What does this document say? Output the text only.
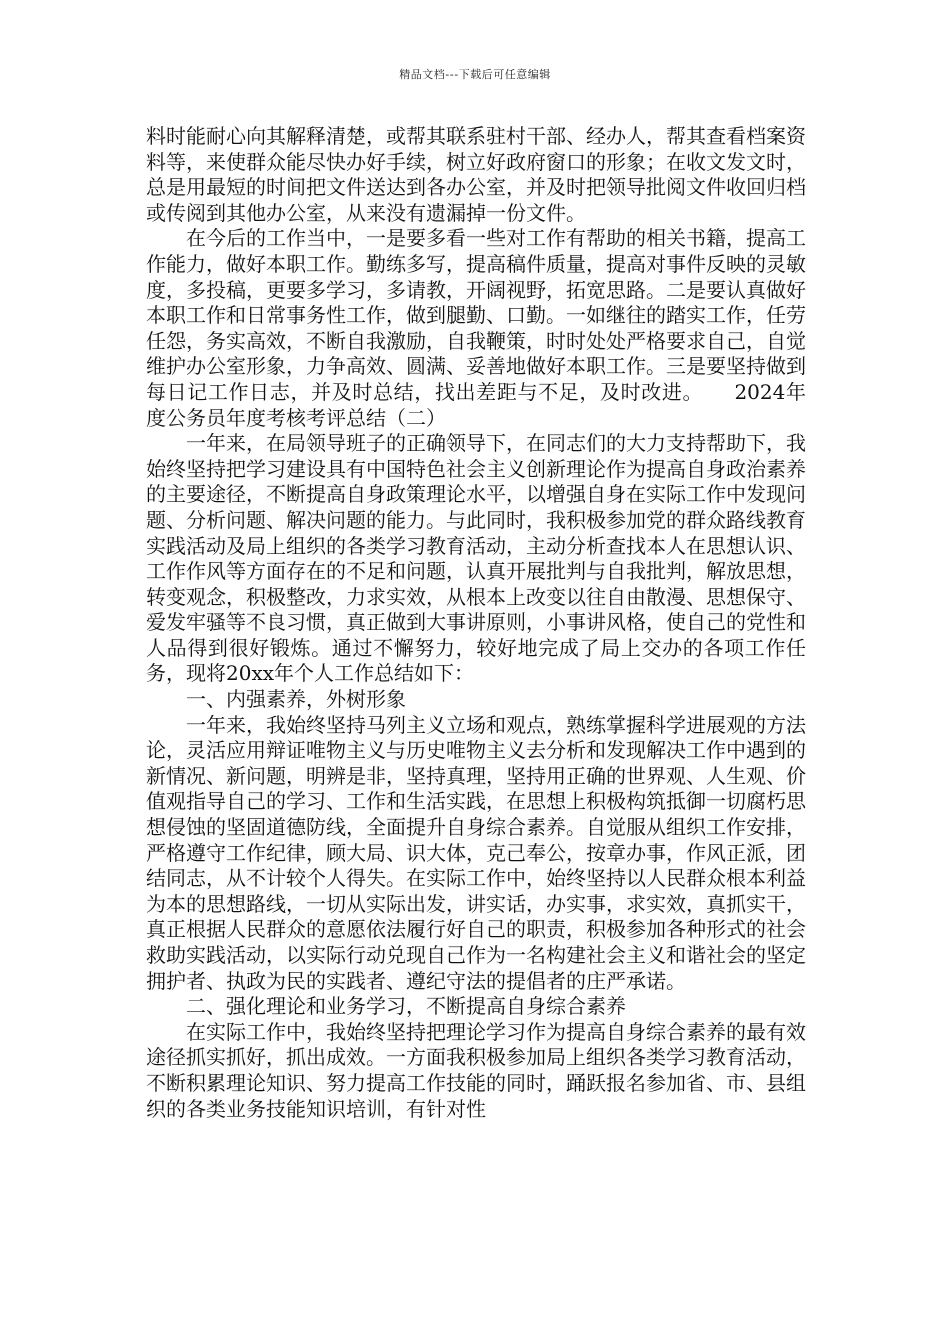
精品文档---下载后可任意编辑

料时能耐心向其解释清楚，或帮其联系驻村干部、经办人，帮其查看档案资料等，来使群众能尽快办好手续，树立好政府窗口的形象；在收文发文时，总是用最短的时间把文件送达到各办公室，并及时把领导批阅文件收回归档或传阅到其他办公室，从来没有遗漏掉一份文件。

在今后的工作当中，一是要多看一些对工作有帮助的相关书籍，提高工作能力，做好本职工作。勤练多写，提高稿件质量，提高对事件反映的灵敏度，多投稿，更要多学习，多请教，开阔视野，拓宽思路。二是要认真做好本职工作和日常事务性工作，做到腿勤、口勤。一如继往的踏实工作，任劳任怨，务实高效，不断自我激励，自我鞭策，时时处处严格要求自己，自觉维护办公室形象，力争高效、圆满、妥善地做好本职工作。三是要坚持做到每日记工作日志，并及时总结，找出差距与不足，及时改进。　　2024年度公务员年度考核考评总结（二）

一年来，在局领导班子的正确领导下，在同志们的大力支持帮助下，我始终坚持把学习建设具有中国特色社会主义创新理论作为提高自身政治素养的主要途径，不断提高自身政策理论水平，以增强自身在实际工作中发现问题、分析问题、解决问题的能力。与此同时，我积极参加党的群众路线教育实践活动及局上组织的各类学习教育活动，主动分析查找本人在思想认识、工作作风等方面存在的不足和问题，认真开展批判与自我批判，解放思想，转变观念，积极整改，力求实效，从根本上改变以往自由散漫、思想保守、爱发牢骚等不良习惯，真正做到大事讲原则，小事讲风格，使自己的党性和人品得到很好锻炼。通过不懈努力，较好地完成了局上交办的各项工作任务，现将20xx年个人工作总结如下：

一、内强素养，外树形象

一年来，我始终坚持马列主义立场和观点，熟练掌握科学进展观的方法论，灵活应用辩证唯物主义与历史唯物主义去分析和发现解决工作中遇到的新情况、新问题，明辨是非，坚持真理，坚持用正确的世界观、人生观、价值观指导自己的学习、工作和生活实践，在思想上积极构筑抵御一切腐朽思想侵蚀的坚固道德防线，全面提升自身综合素养。自觉服从组织工作安排，严格遵守工作纪律，顾大局、识大体，克己奉公，按章办事，作风正派，团结同志，从不计较个人得失。在实际工作中，始终坚持以人民群众根本利益为本的思想路线，一切从实际出发，讲实话，办实事，求实效，真抓实干，真正根据人民群众的意愿依法履行好自己的职责，积极参加各种形式的社会救助实践活动，以实际行动兑现自己作为一名构建社会主义和谐社会的坚定拥护者、执政为民的实践者、遵纪守法的提倡者的庄严承诺。

二、强化理论和业务学习，不断提高自身综合素养

在实际工作中，我始终坚持把理论学习作为提高自身综合素养的最有效途径抓实抓好，抓出成效。一方面我积极参加局上组织各类学习教育活动，不断积累理论知识、努力提高工作技能的同时，踊跃报名参加省、市、县组织的各类业务技能知识培训，有针对性
